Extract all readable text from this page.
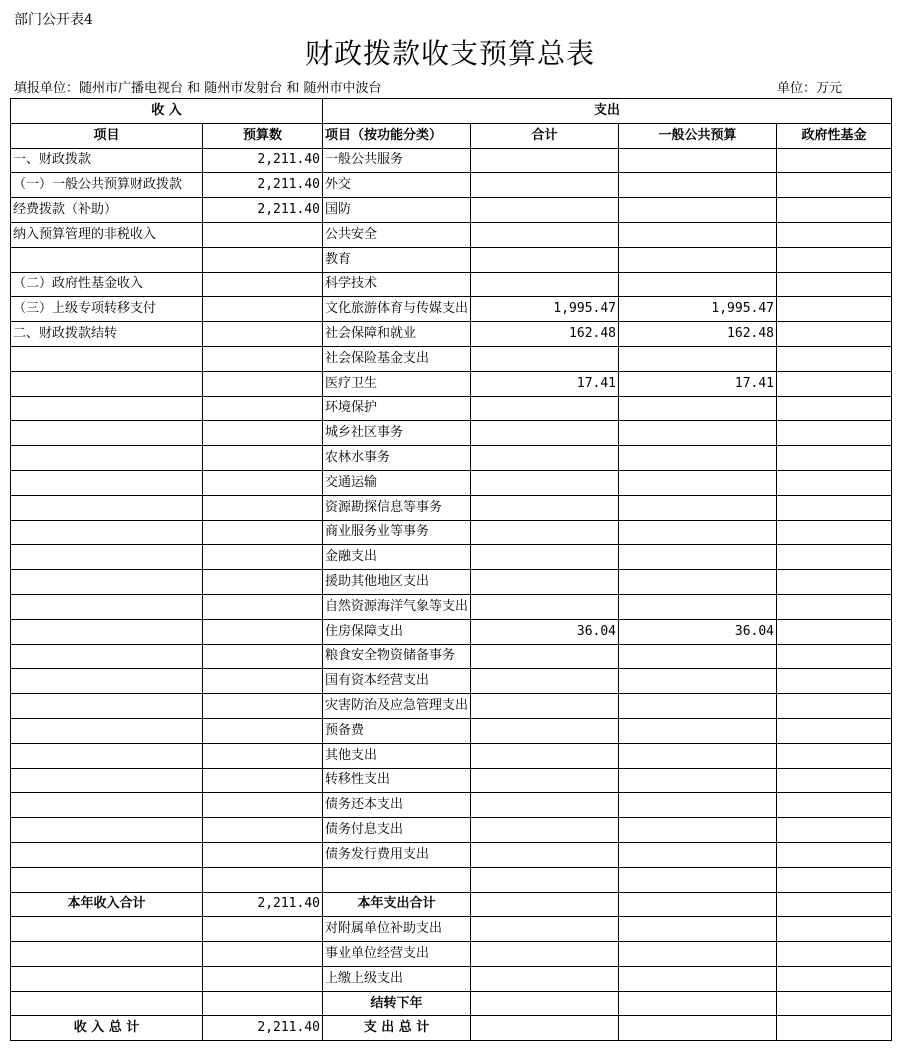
部门公开表4
财政拨款收支预算总表
填报单位：随州市广播电视台 和 随州市发射台 和 随州市中波台	单位：万元
收 入		支出			
项目	预算数	项目（按功能分类）	合计	一般公共预算	政府性基金
一、财政拨款	2,211.40	一般公共服务			
（一）一般公共预算财政拨款	2,211.40	外交			
经费拨款（补助）	2,211.40	国防			
纳入预算管理的非税收入		公共安全			
		教育			
（二）政府性基金收入		科学技术			
（三）上级专项转移支付		文化旅游体育与传媒支出	1,995.47	1,995.47	
二、财政拨款结转		社会保障和就业	162.48	162.48	
		社会保险基金支出			
		医疗卫生	17.41	17.41	
		环境保护			
		城乡社区事务			
		农林水事务			
		交通运输			
		资源勘探信息等事务			
		商业服务业等事务			
		金融支出			
		援助其他地区支出			
		自然资源海洋气象等支出			
		住房保障支出	36.04	36.04	
		粮食安全物资储备事务			
		国有资本经营支出			
		灾害防治及应急管理支出			
		预备费			
		其他支出			
		转移性支出			
		债务还本支出			
		债务付息支出			
		债务发行费用支出			

本年收入合计	2,211.40	本年支出合计			
		对附属单位补助支出			
		事业单位经营支出			
		上缴上级支出			
		结转下年			
收 入 总 计	2,211.40	支 出 总 计			
